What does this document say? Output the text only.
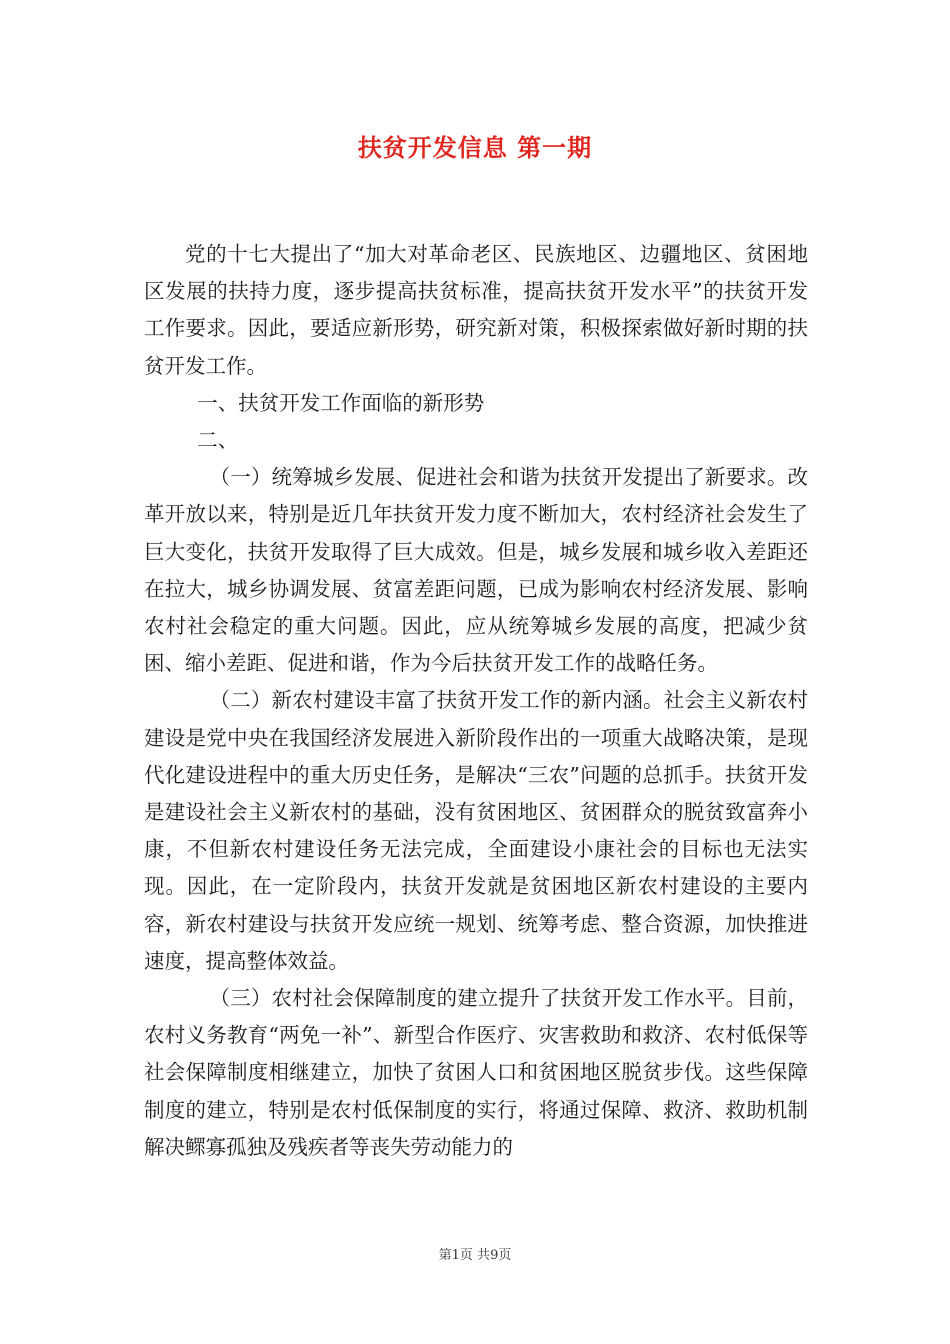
扶贫开发信息 第一期

党的十七大提出了“加大对革命老区、民族地区、边疆地区、贫困地区发展的扶持力度，逐步提高扶贫标准，提高扶贫开发水平”的扶贫开发工作要求。因此，要适应新形势，研究新对策，积极探索做好新时期的扶贫开发工作。

一、扶贫开发工作面临的新形势

二、

（一）统筹城乡发展、促进社会和谐为扶贫开发提出了新要求。改革开放以来，特别是近几年扶贫开发力度不断加大，农村经济社会发生了巨大变化，扶贫开发取得了巨大成效。但是，城乡发展和城乡收入差距还在拉大，城乡协调发展、贫富差距问题，已成为影响农村经济发展、影响农村社会稳定的重大问题。因此，应从统筹城乡发展的高度，把减少贫困、缩小差距、促进和谐，作为今后扶贫开发工作的战略任务。

（二）新农村建设丰富了扶贫开发工作的新内涵。社会主义新农村建设是党中央在我国经济发展进入新阶段作出的一项重大战略决策，是现代化建设进程中的重大历史任务，是解决“三农”问题的总抓手。扶贫开发是建设社会主义新农村的基础，没有贫困地区、贫困群众的脱贫致富奔小康，不但新农村建设任务无法完成，全面建设小康社会的目标也无法实现。因此，在一定阶段内，扶贫开发就是贫困地区新农村建设的主要内容，新农村建设与扶贫开发应统一规划、统筹考虑、整合资源，加快推进速度，提高整体效益。

（三）农村社会保障制度的建立提升了扶贫开发工作水平。目前，农村义务教育“两免一补”、新型合作医疗、灾害救助和救济、农村低保等社会保障制度相继建立，加快了贫困人口和贫困地区脱贫步伐。这些保障制度的建立，特别是农村低保制度的实行，将通过保障、救济、救助机制解决鳏寡孤独及残疾者等丧失劳动能力的

第1页 共9页
